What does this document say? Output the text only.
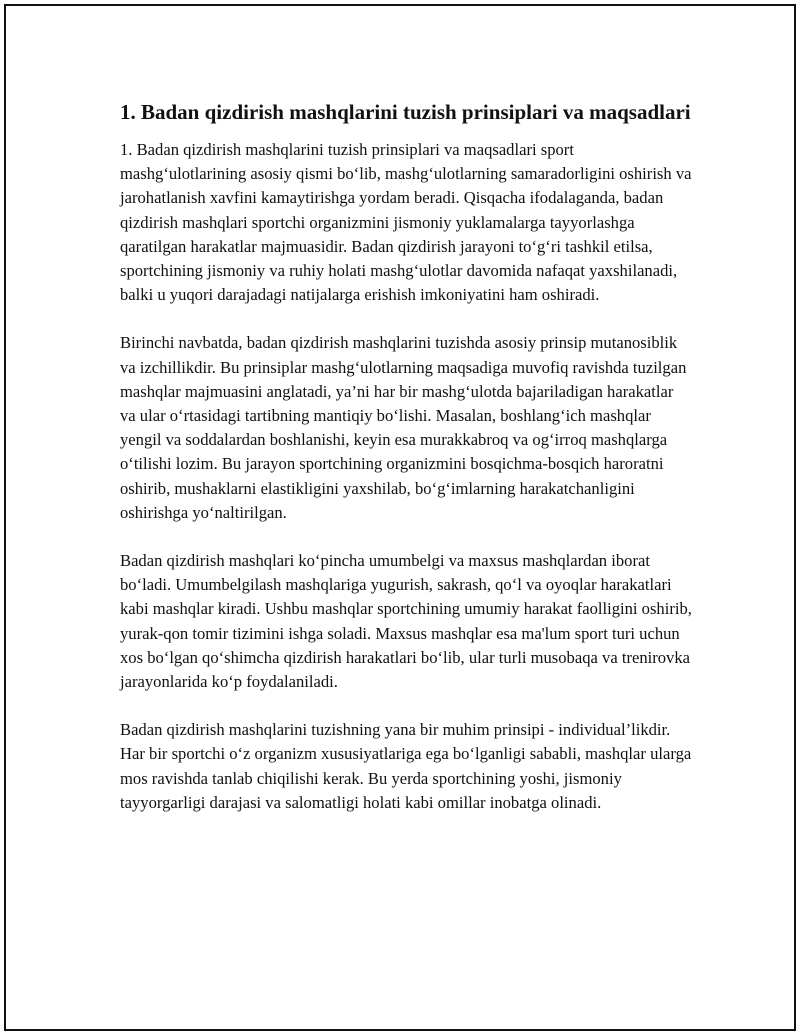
1. Badan qizdirish mashqlarini tuzish prinsiplari va maqsadlari

1. Badan qizdirish mashqlarini tuzish prinsiplari va maqsadlari sport mashg‘ulotlarining asosiy qismi bo‘lib, mashg‘ulotlarning samaradorligini oshirish va jarohatlanish xavfini kamaytirishga yordam beradi. Qisqacha ifodalaganda, badan qizdirish mashqlari sportchi organizmini jismoniy yuklamalarga tayyorlashga qaratilgan harakatlar majmuasidir. Badan qizdirish jarayoni to‘g‘ri tashkil etilsa, sportchining jismoniy va ruhiy holati mashg‘ulotlar davomida nafaqat yaxshilanadi, balki u yuqori darajadagi natijalarga erishish imkoniyatini ham oshiradi.

Birinchi navbatda, badan qizdirish mashqlarini tuzishda asosiy prinsip mutanosiblik va izchillikdir. Bu prinsiplar mashg‘ulotlarning maqsadiga muvofiq ravishda tuzilgan mashqlar majmuasini anglatadi, ya’ni har bir mashg‘ulotda bajariladigan harakatlar va ular o‘rtasidagi tartibning mantiqiy bo‘lishi. Masalan, boshlang‘ich mashqlar yengil va soddalardan boshlanishi, keyin esa murakkabroq va og‘irroq mashqlarga o‘tilishi lozim. Bu jarayon sportchining organizmini bosqichma-bosqich haroratni oshirib, mushaklarni elastikligini yaxshilab, bo‘g‘imlarning harakatchanligini oshirishga yo‘naltirilgan.

Badan qizdirish mashqlari ko‘pincha umumbelgi va maxsus mashqlardan iborat bo‘ladi. Umumbelgilash mashqlariga yugurish, sakrash, qo‘l va oyoqlar harakatlari kabi mashqlar kiradi. Ushbu mashqlar sportchining umumiy harakat faolligini oshirib, yurak-qon tomir tizimini ishga soladi. Maxsus mashqlar esa ma'lum sport turi uchun xos bo‘lgan qo‘shimcha qizdirish harakatlari bo‘lib, ular turli musobaqa va trenirovka jarayonlarida ko‘p foydalaniladi.

Badan qizdirish mashqlarini tuzishning yana bir muhim prinsipi - individual’likdir. Har bir sportchi o‘z organizm xususiyatlariga ega bo‘lganligi sababli, mashqlar ularga mos ravishda tanlab chiqilishi kerak. Bu yerda sportchining yoshi, jismoniy tayyorgarligi darajasi va salomatligi holati kabi omillar inobatga olinadi.
